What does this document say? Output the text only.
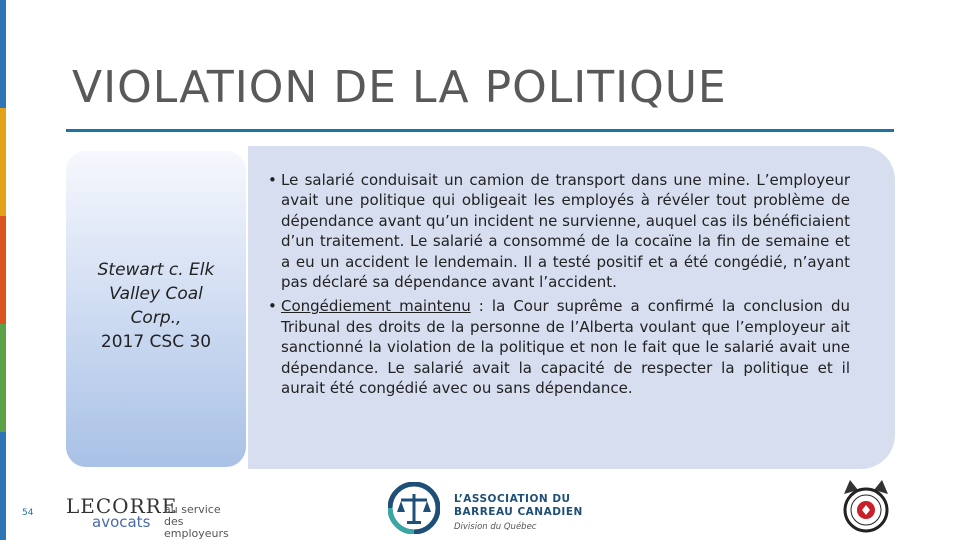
VIOLATION DE LA POLITIQUE
Stewart c. Elk
Valley Coal
Corp.,
2017 CSC 30
• Le salarié conduisait un camion de transport dans une mine. L’employeur avait une politique qui obligeait les employés à révéler tout problème de dépendance avant qu’un incident ne survienne, auquel cas ils bénéficiaient d’un traitement. Le salarié a consommé de la cocaïne la fin de semaine et a eu un accident le lendemain. Il a testé positif et a été congédié, n’ayant pas déclaré sa dépendance avant l’accident.
• Congédiement maintenu : la Cour suprême a confirmé la conclusion du Tribunal des droits de la personne de l’Alberta voulant que l’employeur ait sanctionné la violation de la politique et non le fait que le salarié avait une dépendance. Le salarié avait la capacité de respecter la politique et il aurait été congédié avec ou sans dépendance.
54 LECORRE
avocats
au service
des employeurs
L’ASSOCIATION DU
BARREAU CANADIEN
Division du Québec
